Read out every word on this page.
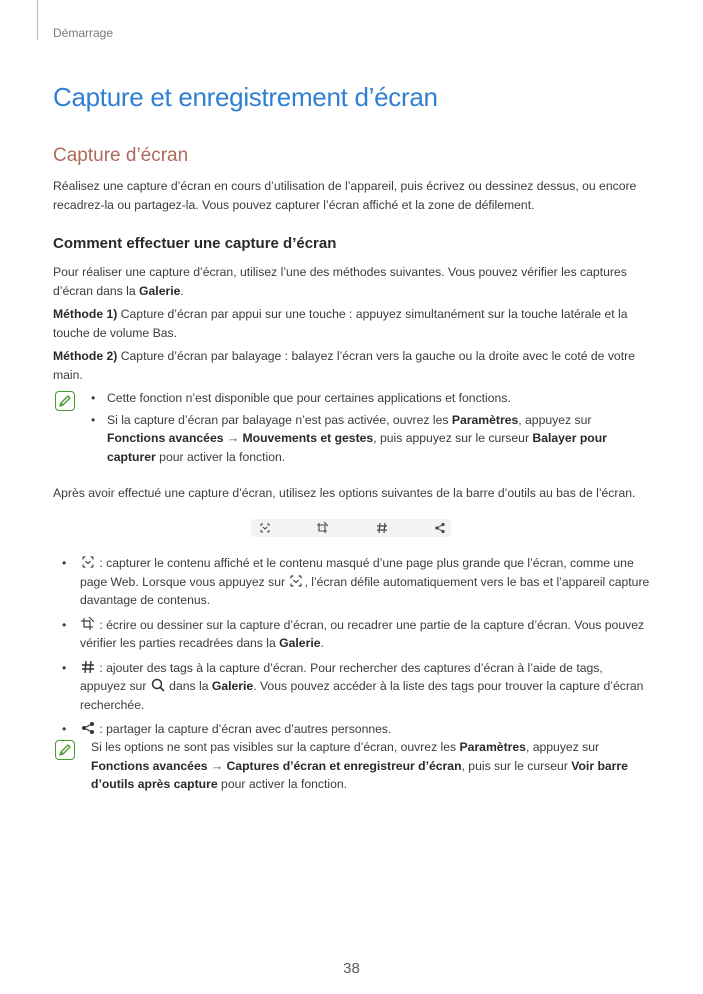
Démarrage
Capture et enregistrement d’écran
Capture d’écran

Réalisez une capture d’écran en cours d’utilisation de l’appareil, puis écrivez ou dessinez dessus, ou encore recadrez-la ou partagez-la. Vous pouvez capturer l’écran affiché et la zone de défilement.

Comment effectuer une capture d’écran

Pour réaliser une capture d’écran, utilisez l’une des méthodes suivantes. Vous pouvez vérifier les captures d’écran dans la Galerie.

Méthode 1) Capture d’écran par appui sur une touche : appuyez simultanément sur la touche latérale et la touche de volume Bas.

Méthode 2) Capture d’écran par balayage : balayez l’écran vers la gauche ou la droite avec le coté de votre main.

• Cette fonction n’est disponible que pour certaines applications et fonctions.
• Si la capture d’écran par balayage n’est pas activée, ouvrez les Paramètres, appuyez sur Fonctions avancées → Mouvements et gestes, puis appuyez sur le curseur Balayer pour capturer pour activer la fonction.

Après avoir effectué une capture d’écran, utilisez les options suivantes de la barre d’outils au bas de l’écran.

• : capturer le contenu affiché et le contenu masqué d’une page plus grande que l’écran, comme une page Web. Lorsque vous appuyez sur , l’écran défile automatiquement vers le bas et l’appareil capture davantage de contenus.
• : écrire ou dessiner sur la capture d’écran, ou recadrer une partie de la capture d’écran. Vous pouvez vérifier les parties recadrées dans la Galerie.
• : ajouter des tags à la capture d’écran. Pour rechercher des captures d’écran à l’aide de tags, appuyez sur  dans la Galerie. Vous pouvez accéder à la liste des tags pour trouver la capture d’écran recherchée.
• : partager la capture d’écran avec d’autres personnes.

Si les options ne sont pas visibles sur la capture d’écran, ouvrez les Paramètres, appuyez sur Fonctions avancées → Captures d’écran et enregistreur d’écran, puis sur le curseur Voir barre d’outils après capture pour activer la fonction.

38
